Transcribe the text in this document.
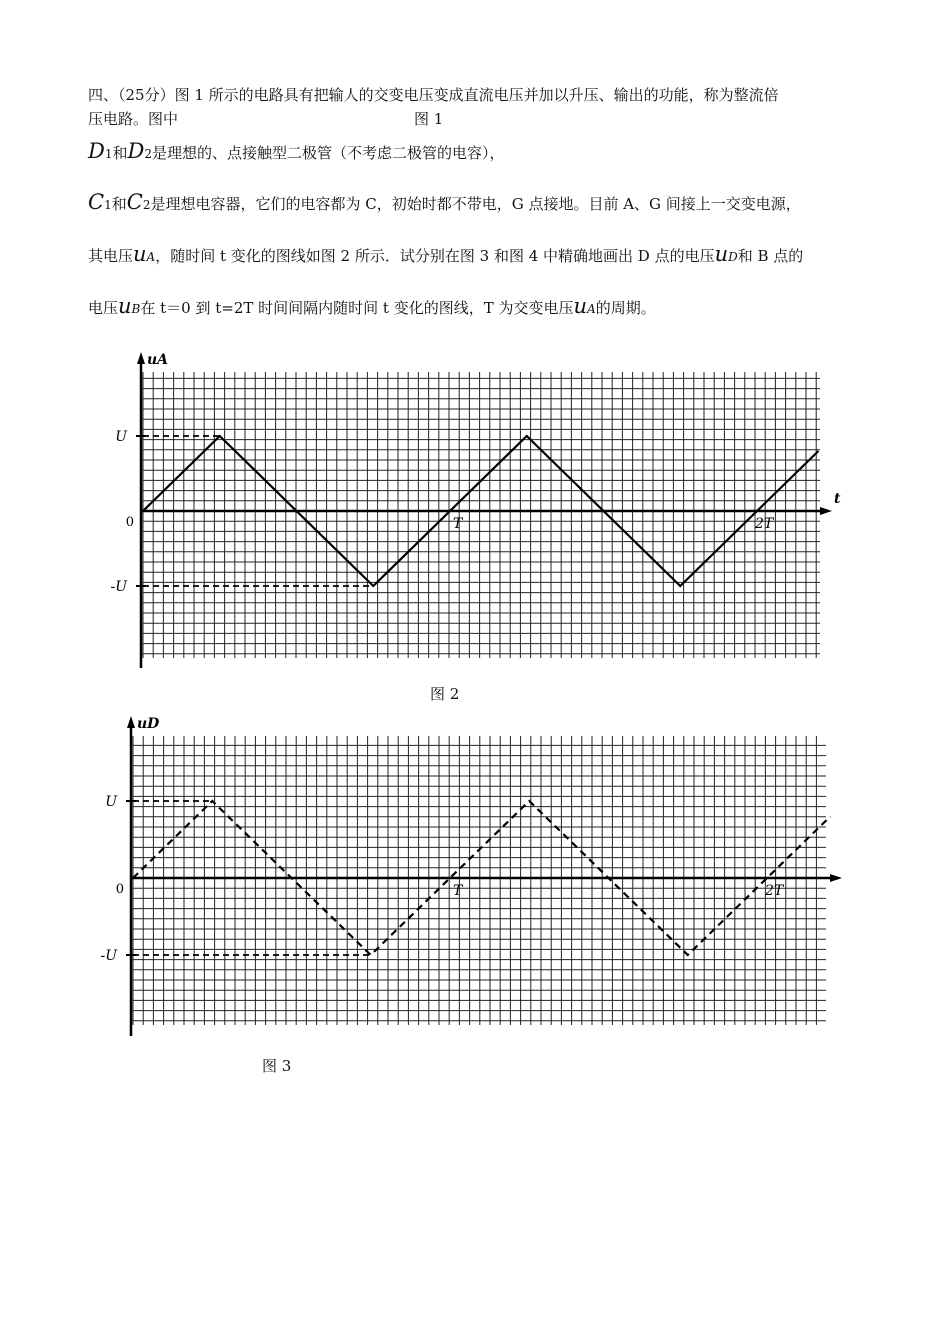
四、（25分）图 1 所示的电路具有把输人的交变电压变成直流电压并加以升压、输出的功能，称为整流倍
压电路。图中	图 1
D1和D2是理想的、点接触型二极管（不考虑二极管的电容），
C1和C2是理想电容器，它们的电容都为 C，初始时都不带电，G 点接地。目前 A、G 间接上一交变电源，
其电压uA，随时间 t 变化的图线如图 2 所示．试分别在图 3 和图 4 中精确地画出 D 点的电压uD和 B 点的
电压uB在 t＝0 到 t=2T 时间间隔内随时间 t 变化的图线，T 为交变电压uA的周期。
U
0
-U
T	2T
uA
t
图 2
U
0
-U
T	2T
uD
图 3
